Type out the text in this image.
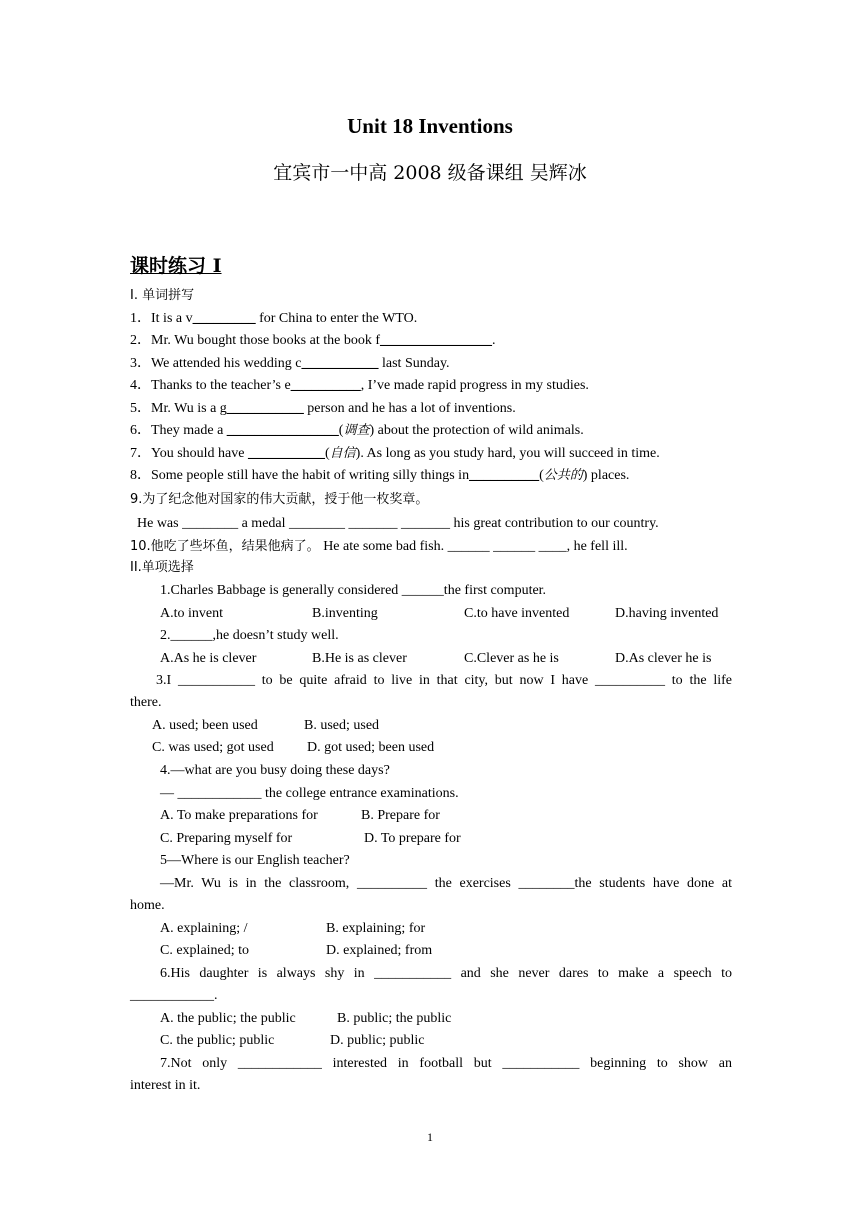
Unit 18 Inventions
宜宾市一中高 2008 级备课组 吴辉冰
课时练习 I
I. 单词拼写
1．It is a v_________ for China to enter the WTO.
2．Mr. Wu bought those books at the book f________________.
3．We attended his wedding c___________ last Sunday.
4．Thanks to the teacher’s e__________, I’ve made rapid progress in my studies.
5．Mr. Wu is a g___________ person and he has a lot of inventions.
6．They made a ________________(调查) about the protection of wild animals.
7．You should have ___________(自信). As long as you study hard, you will succeed in time.
8．Some people still have the habit of writing silly things in__________(公共的) places.
9.为了纪念他对国家的伟大贡献，授于他一枚奖章。
He was ________ a medal ________ _______ _______ his great contribution to our country.
10.他吃了些坏鱼，结果他病了。 He ate some bad fish. ______ ______ ____, he fell ill.
II.单项选择
1.Charles Babbage is generally considered ______the first computer.
A.to invent	B.inventing	C.to have invented	D.having invented
2.______,he doesn’t study well.
A.As he is clever	B.He is as clever	C.Clever as he is	D.As clever he is
3.I ___________ to be quite afraid to live in that city, but now I have __________ to the life
there.
A. used; been used	B. used; used
C. was used; got used D. got used; been used
4.—what are you busy doing these days?
— ____________ the college entrance examinations.
A. To make preparations for	B. Prepare for
C. Preparing myself for	D. To prepare for
5—Where is our English teacher?
—Mr. Wu is in the classroom, __________ the exercises ________the students have done at
home.
A. explaining; /	B. explaining; for
C. explained; to	D. explained; from
6.His daughter is always shy in ___________ and she never dares to make a speech to
____________.
A. the public; the public	B. public; the public
C. the public; public	D. public; public
7.Not only ____________ interested in football but ___________ beginning to show an
interest in it.
1
